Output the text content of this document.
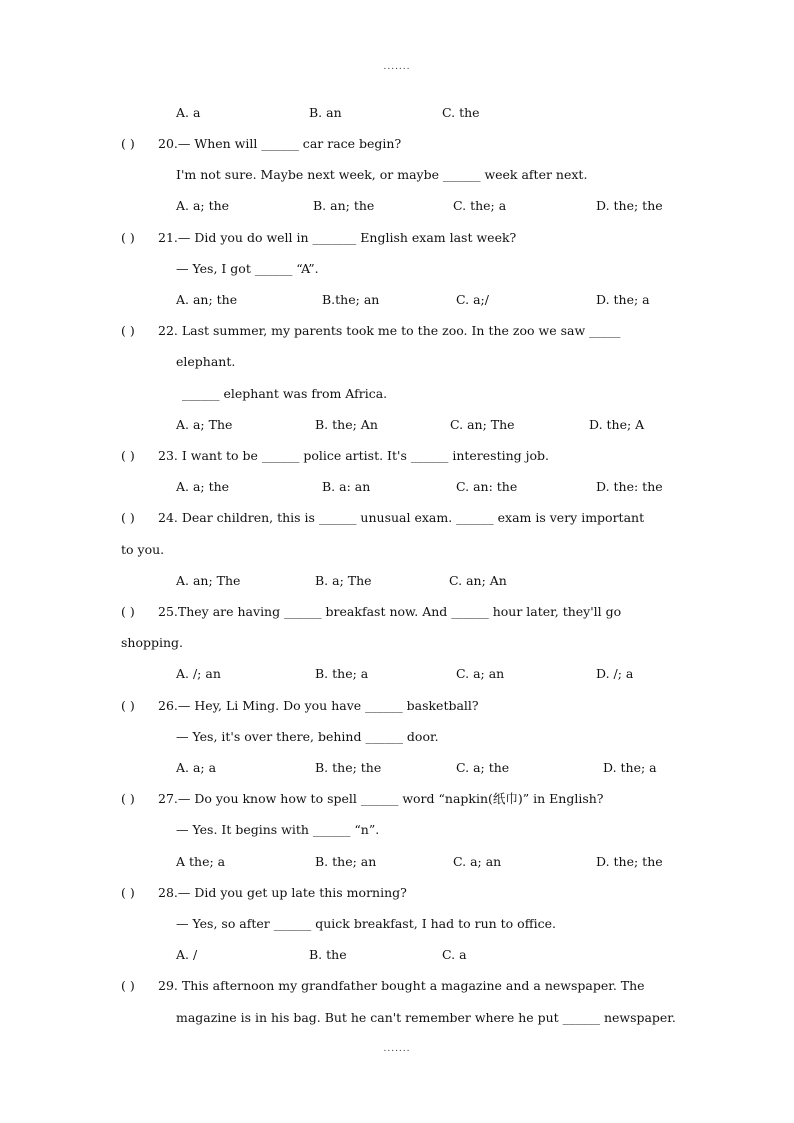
.......
A. a	B. an	C. the
( ) 20.— When will ______ car race begin?
I'm not sure. Maybe next week, or maybe ______ week after next.
A. a; the	B. an; the	C. the; a	D. the; the
( ) 21.— Did you do well in _______ English exam last week?
— Yes, I got ______ “A”.
A. an; the	B.the; an	C. a;/	D. the; a
( ) 22. Last summer, my parents took me to the zoo. In the zoo we saw _____
elephant.
______ elephant was from Africa.
A. a; The	B. the; An	C. an; The	D. the; A
( ) 23. I want to be ______ police artist. It's ______ interesting job.
A. a; the	B. a: an	C. an: the	D. the: the
( ) 24. Dear children, this is ______ unusual exam. ______ exam is very important
to you.
A. an; The	B. a; The	C. an; An
( ) 25.They are having ______ breakfast now. And ______ hour later, they'll go
shopping.
A. /; an	B. the; a	C. a; an	D. /; a
( ) 26.— Hey, Li Ming. Do you have ______ basketball?
— Yes, it's over there, behind ______ door.
A. a; a	B. the; the	C. a; the	D. the; a
( ) 27.— Do you know how to spell ______ word “napkin(纸巾)” in English?
— Yes. It begins with ______ “n”.
A the; a	B. the; an	C. a; an	D. the; the
( ) 28.— Did you get up late this morning?
— Yes, so after ______ quick breakfast, I had to run to office.
A. /	B. the	C. a
( ) 29. This afternoon my grandfather bought a magazine and a newspaper. The
magazine is in his bag. But he can't remember where he put ______ newspaper.
.......
